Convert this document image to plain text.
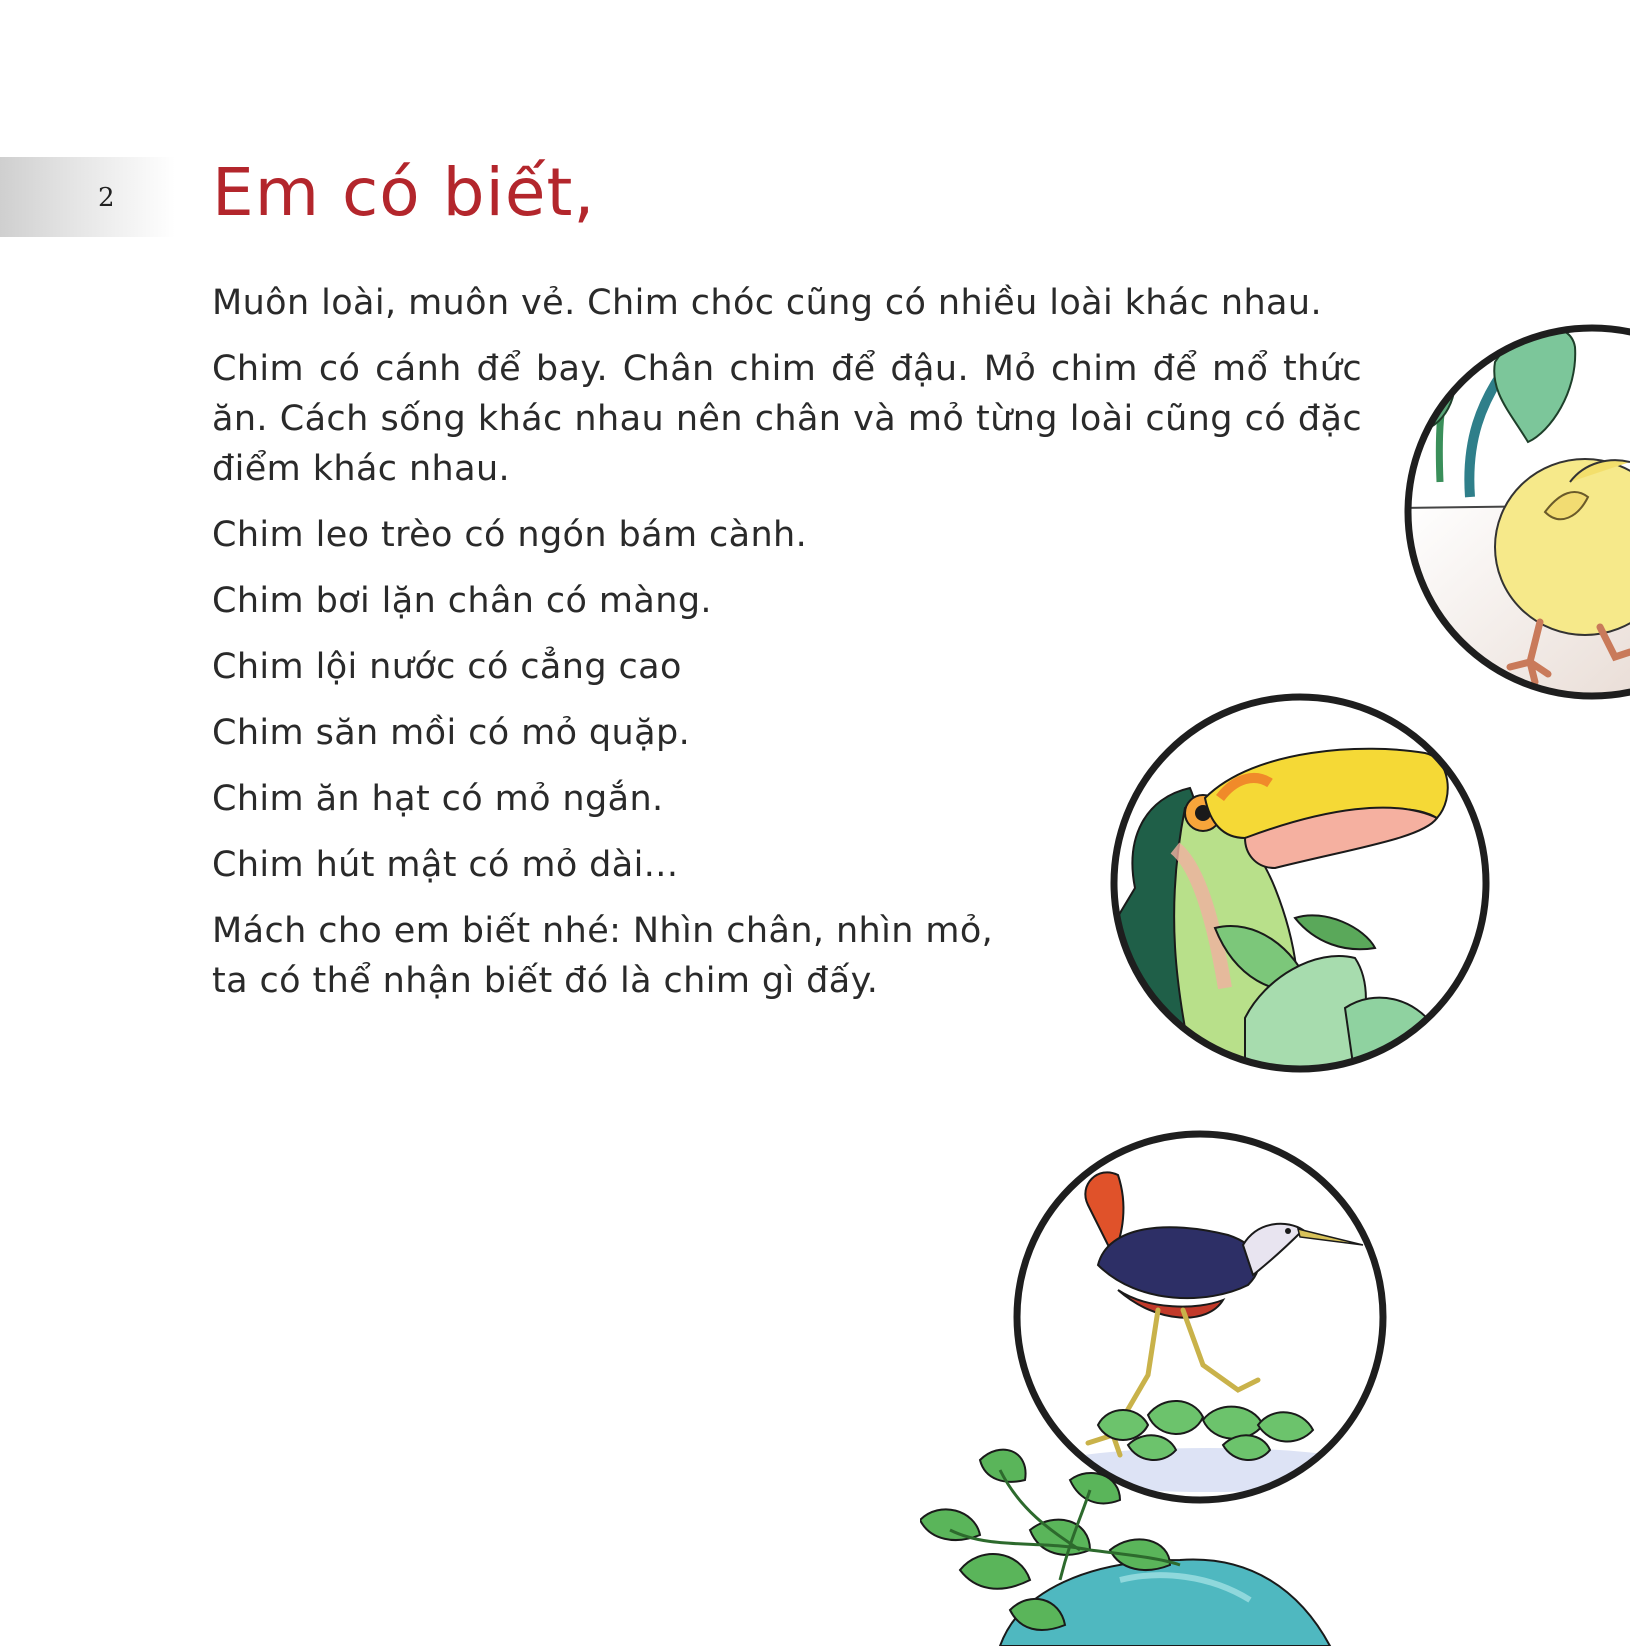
2 Em có biết,

Muôn loài, muôn vẻ. Chim chóc cũng có nhiều loài khác nhau.

Chim có cánh để bay. Chân chim để đậu. Mỏ chim để mổ thức ăn. Cách sống khác nhau nên chân và mỏ từng loài cũng có đặc điểm khác nhau.

Chim leo trèo có ngón bám cành.

Chim bơi lặn chân có màng.

Chim lội nước có cẳng cao

Chim săn mồi có mỏ quặp.

Chim ăn hạt có mỏ ngắn.

Chim hút mật có mỏ dài...

Mách cho em biết nhé: Nhìn chân, nhìn mỏ, ta có thể nhận biết đó là chim gì đấy.
